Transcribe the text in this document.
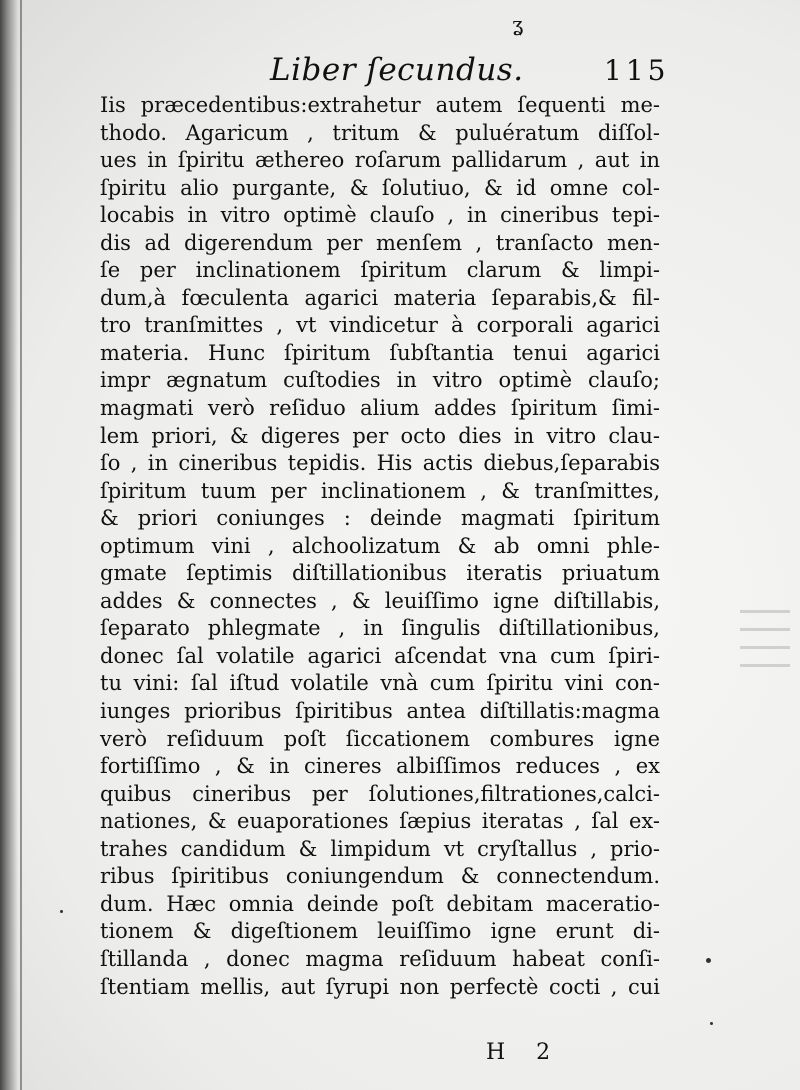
ʓ
Liber ſecundus.	115
Iis præcedentibus:extrahetur autem ſequenti me-
thodo. Agaricum , tritum & puluératum diſſol-
ues in ſpiritu æthereo roſarum pallidarum , aut in
ſpiritu alio purgante, & ſolutiuo, & id omne col-
locabis in vitro optimè clauſo , in cineribus tepi-
dis ad digerendum per menſem , tranſacto men-
ſe per inclinationem ſpiritum clarum & limpi-
dum,à fœculenta agarici materia ſeparabis,& fil-
tro tranſmittes , vt vindicetur à corporali agarici
materia. Hunc ſpiritum ſubſtantia tenui agarici
impr ægnatum cuſtodies in vitro optimè clauſo;
magmati verò reſiduo alium addes ſpiritum ſimi-
lem priori, & digeres per octo dies in vitro clau-
ſo , in cineribus tepidis. His actis diebus,ſeparabis
ſpiritum tuum per inclinationem , & tranſmittes,
& priori coniunges : deinde magmati ſpiritum
optimum vini , alchoolizatum & ab omni phle-
gmate ſeptimis diſtillationibus iteratis priuatum
addes & connectes , & leuiſſimo igne diſtillabis,
ſeparato phlegmate , in ſingulis diſtillationibus,
donec ſal volatile agarici aſcendat vna cum ſpiri-
tu vini: ſal iſtud volatile vnà cum ſpiritu vini con-
iunges prioribus ſpiritibus antea diſtillatis:magma
verò reſiduum poſt ſiccationem combures igne
fortiſſimo , & in cineres albiſſimos reduces , ex
quibus cineribus per ſolutiones,filtrationes,calci-
nationes, & euaporationes ſæpius iteratas , ſal ex-
trahes candidum & limpidum vt cryſtallus , prio-
ribus ſpiritibus coniungendum & connectendum.
dum. Hæc omnia deinde poſt debitam maceratio-
tionem & digeſtionem leuiſſimo igne erunt di-
ſtillanda , donec magma reſiduum habeat conſi-
ſtentiam mellis, aut ſyrupi non perfectè cocti , cui
H 2
